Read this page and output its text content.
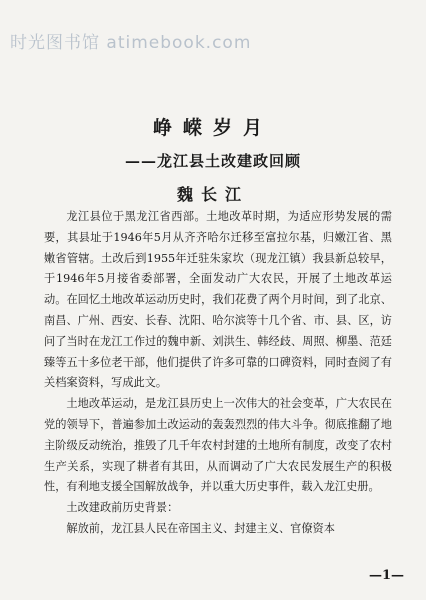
时光图书馆 atimebook.com
峥嵘岁月
——龙江县土改建政回顾
魏长江

龙江县位于黑龙江省西部。土地改革时期，为适应形势发展的需要，其县址于1946年5月从齐齐哈尔迁移至富拉尔基，归嫩江省、黑嫩省管辖。土改后到1955年迁驻朱家坎（现龙江镇）我县新总较早，于1946年5月接省委部署，全面发动广大农民，开展了土地改革运动。在回忆土地改革运动历史时，我们花费了两个月时间，到了北京、南昌、广州、西安、长春、沈阳、哈尔滨等十几个省、市、县、区，访问了当时在龙江工作过的魏申新、刘洪生、韩经歧、周照、柳墨、范廷臻等五十多位老干部，他们提供了许多可靠的口碑资料，同时查阅了有关档案资料，写成此文。

土地改革运动，是龙江县历史上一次伟大的社会变革，广大农民在党的领导下，普遍参加土改运动的轰轰烈烈的伟大斗争。彻底推翻了地主阶级反动统治，推毁了几千年农村封建的土地所有制度，改变了农村生产关系，实现了耕者有其田，从而调动了广大农民发展生产的积极性，有利地支援全国解放战争，并以重大历史事件，载入龙江史册。

土改建政前历史背景：

解放前，龙江县人民在帝国主义、封建主义、官僚资本

—1—
